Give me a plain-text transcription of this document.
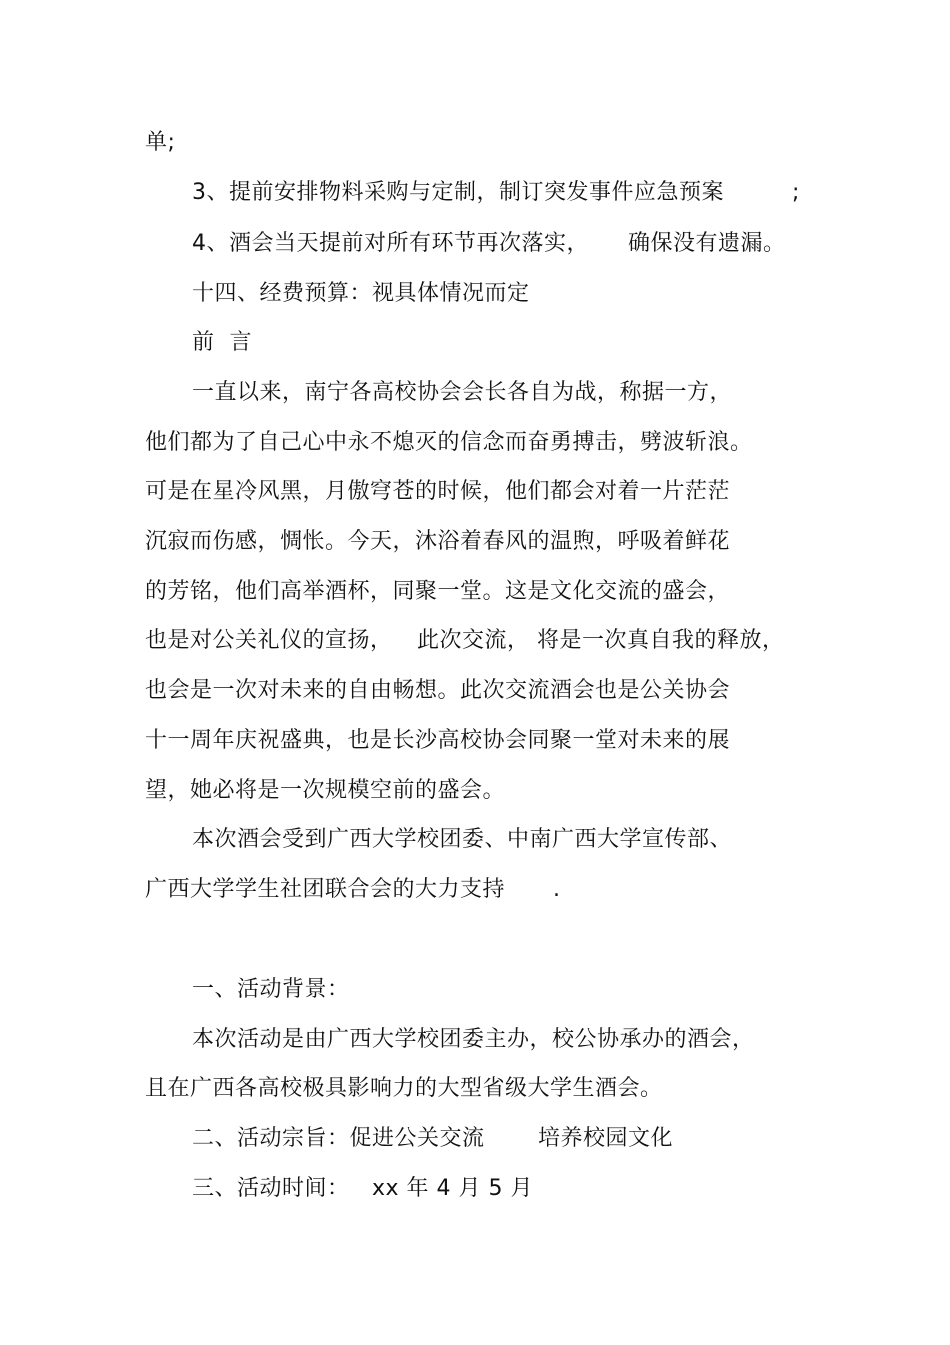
单;

3、提前安排物料采购与定制，制订突发事件应急预案

	;

4、酒会当天提前对所有环节再次落实，

确保没有遗漏。

十四、经费预算：视具体情况而定

前  言

一直以来，南宁各高校协会会长各自为战，称据一方，

他们都为了自己心中永不熄灭的信念而奋勇搏击，劈波斩浪。

可是在星冷风黑，月傲穹苍的时候，他们都会对着一片茫茫

沉寂而伤感，惆怅。今天，沐浴着春风的温煦，呼吸着鲜花

的芳铭，他们高举酒杯，同聚一堂。这是文化交流的盛会，

也是对公关礼仪的宣扬，

此次交流，

将是一次真自我的释放，

也会是一次对未来的自由畅想。此次交流酒会也是公关协会

十一周年庆祝盛典，也是长沙高校协会同聚一堂对未来的展

望，她必将是一次规模空前的盛会。

本次酒会受到广西大学校团委、中南广西大学宣传部、

广西大学学生社团联合会的大力支持

.

一、活动背景：

本次活动是由广西大学校团委主办，校公协承办的酒会，

且在广西各高校极具影响力的大型省级大学生酒会。

二、活动宗旨：促进公关交流

培养校园文化

三、活动时间：

xx 年 4 月 5 月
